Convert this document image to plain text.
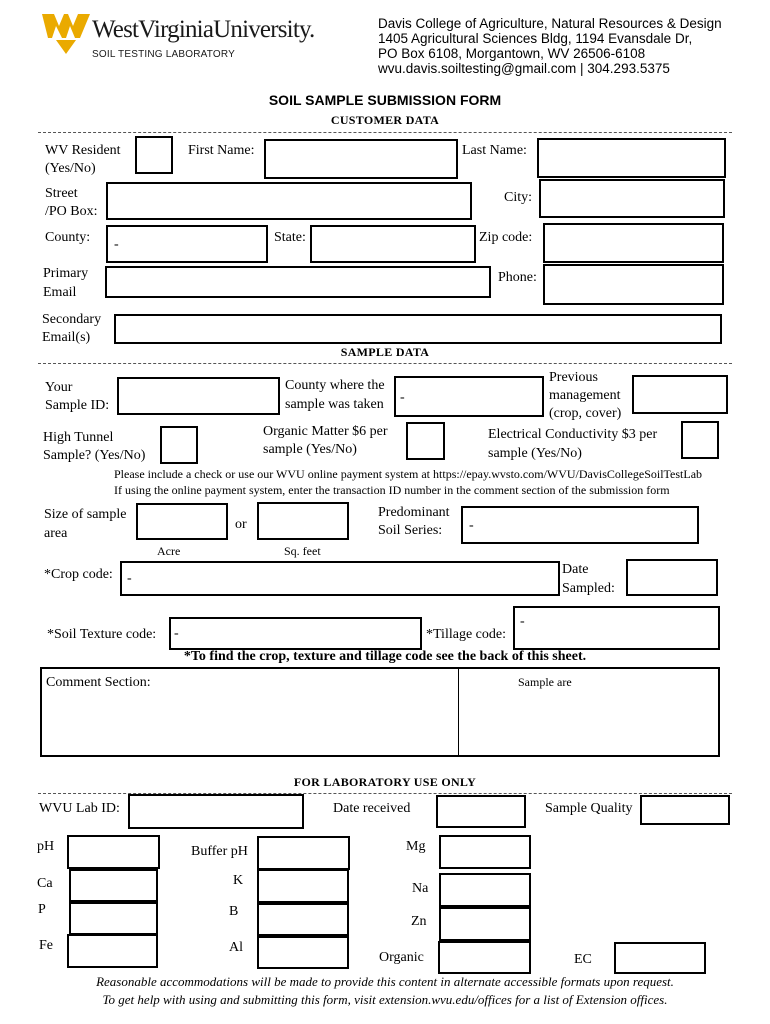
WestVirginiaUniversity.
SOIL TESTING LABORATORY
Davis College of Agriculture, Natural Resources & Design
1405 Agricultural Sciences Bldg, 1194 Evansdale Dr,
PO Box 6108, Morgantown, WV 26506-6108
wvu.davis.soiltesting@gmail.com | 304.293.5375
SOIL SAMPLE SUBMISSION FORM
CUSTOMER DATA
WV Resident
(Yes/No)
First Name:	Last Name:
Street
/PO Box:
City:
County: -	State:	Zip code:
Primary
Email
Phone:
Secondary
Email(s)
SAMPLE DATA
Your
Sample ID:
County where the
sample was taken -
Previous
management
(crop, cover)
High Tunnel
Sample? (Yes/No)
Organic Matter $6 per
sample (Yes/No)
Electrical Conductivity $3 per
sample (Yes/No)
Please include a check or use our WVU online payment system at https://epay.wvsto.com/WVU/DavisCollegeSoilTestLab
If using the online payment system, enter the transaction ID number in the comment section of the submission form
Size of sample
area
or
Acre	Sq. feet
Predominant
Soil Series: -
*Crop code: -
Date
Sampled:
*Soil Texture code: -	*Tillage code:
-
*To find the crop, texture and tillage code see the back of this sheet.
Comment Section:	Sample are
FOR LABORATORY USE ONLY
WVU Lab ID:	Date received	Sample Quality
pH	Buffer pH	Mg
Ca	K
Na
P	B
Zn
Fe	Al
Organic	EC
Reasonable accommodations will be made to provide this content in alternate accessible formats upon request.
To get help with using and submitting this form, visit extension.wvu.edu/offices for a list of Extension offices.
